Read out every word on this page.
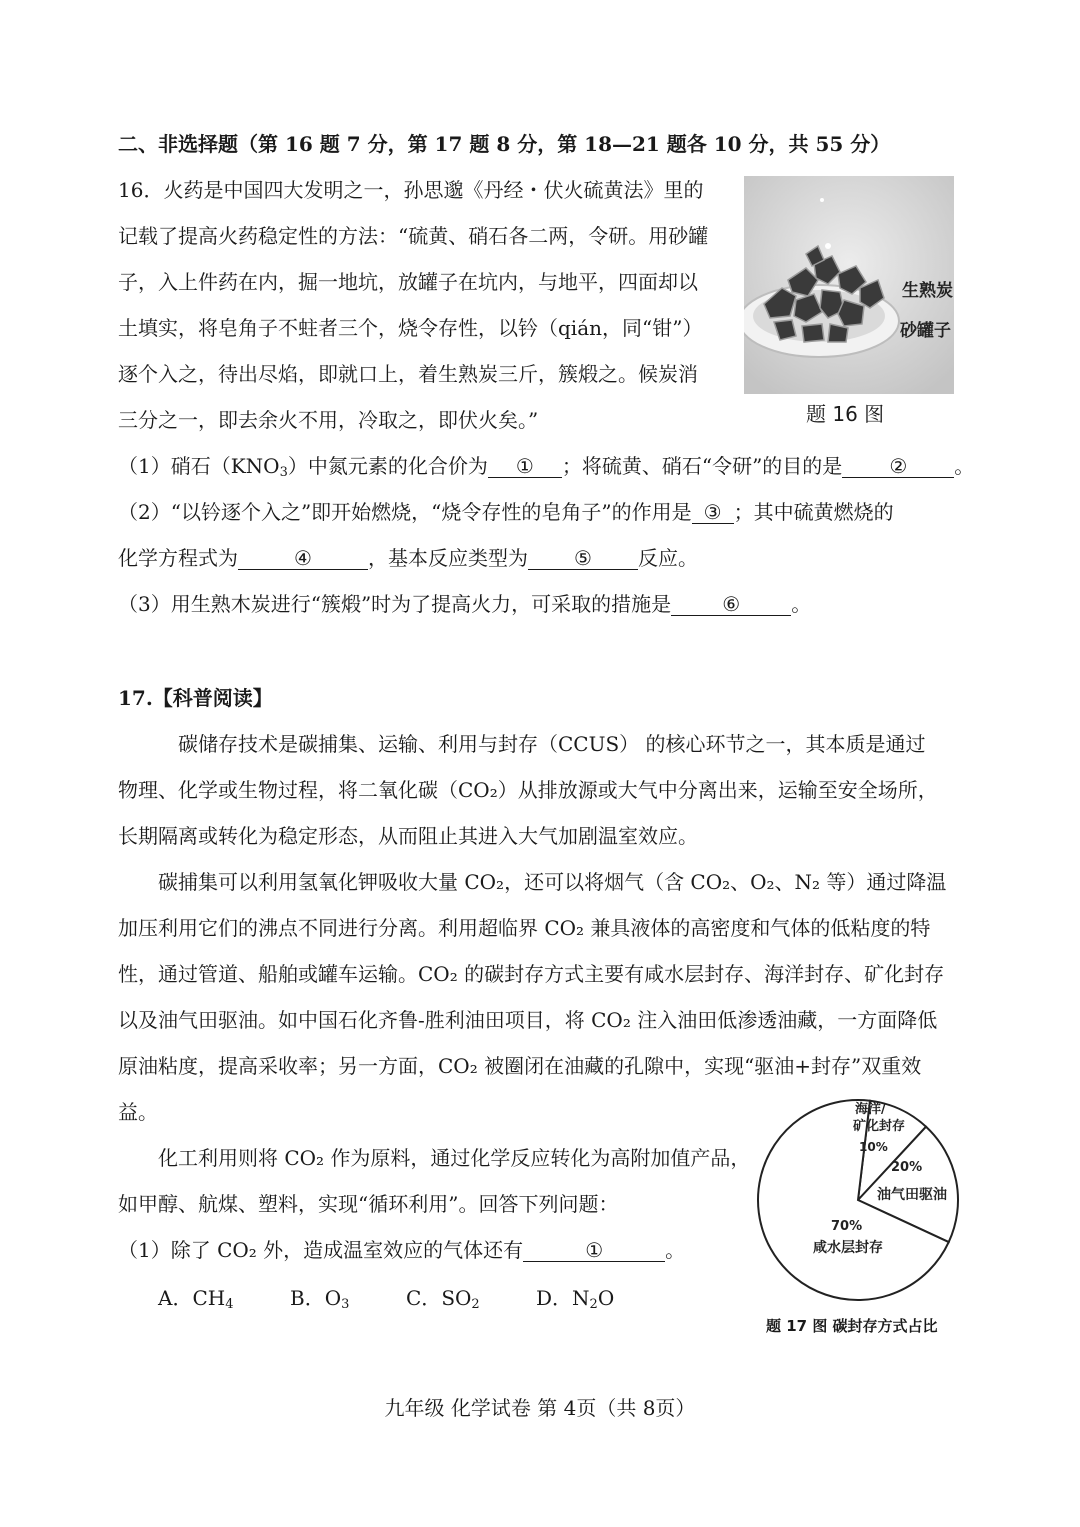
二、非选择题（第 16 题 7 分，第 17 题 8 分，第 18—21 题各 10 分，共 55 分）
16．火药是中国四大发明之一，孙思邈《丹经・伏火硫黄法》里的
记载了提高火药稳定性的方法：“硫黄、硝石各二两，令研。用砂罐
子，入上件药在内，掘一地坑，放罐子在坑内，与地平，四面却以
土填实，将皂角子不蛀者三个，烧令存性，以钤（qián，同“钳”）
逐个入之，待出尽焰，即就口上，着生熟炭三斤，簇煅之。候炭消
三分之一，即去余火不用，冷取之，即伏火矣。”
生熟炭
砂罐子
题 16 图
（1）硝石$(KNO_3)$中氮元素的化合价为 ① ；将硫黄、硝石“令研”的目的是 ② 。
（2）“以钤逐个入之”即开始燃烧，“烧令存性的皂角子”的作用是 ③ ；其中硫黄燃烧的
化学方程式为	④	，基本反应类型为 ⑤ 反应。
（3）用生熟木炭进行“簇煅”时为了提高火力，可采取的措施是	⑥	。
17.【科普阅读】
碳储存技术是碳捕集、运输、利用与封存（CCUS） 的核心环节之一，其本质是通过
物理、化学或生物过程，将二氧化碳（CO₂）从排放源或大气中分离出来，运输至安全场所，
长期隔离或转化为稳定形态，从而阻止其进入大气加剧温室效应。
碳捕集可以利用氢氧化钾吸收大量 CO₂，还可以将烟气（含 CO₂、O₂、N₂ 等）通过降温
加压利用它们的沸点不同进行分离。利用超临界 CO₂ 兼具液体的高密度和气体的低粘度的特
性，通过管道、船舶或罐车运输。CO₂ 的碳封存方式主要有咸水层封存、海洋封存、矿化封存
以及油气田驱油。如中国石化齐鲁-胜利油田项目，将 CO₂ 注入油田低渗透油藏，一方面降低
原油粘度，提高采收率；另一方面，CO₂ 被圈闭在油藏的孔隙中，实现“驱油+封存”双重效
益。
化工利用则将 CO₂ 作为原料，通过化学反应转化为高附加值产品，
如甲醇、航煤、塑料，实现“循环利用”。回答下列问题：
（1）除了 CO₂ 外，造成温室效应的气体还有	①	。
A．$CH_4$	B．$O_3$	C．$SO_2$	D．$N_2O$
海洋/
矿化封存
10%
20%
油气田驱油
70%
咸水层封存
题 17 图 碳封存方式占比
九年级 化学试卷 第 4页（共 8页）
